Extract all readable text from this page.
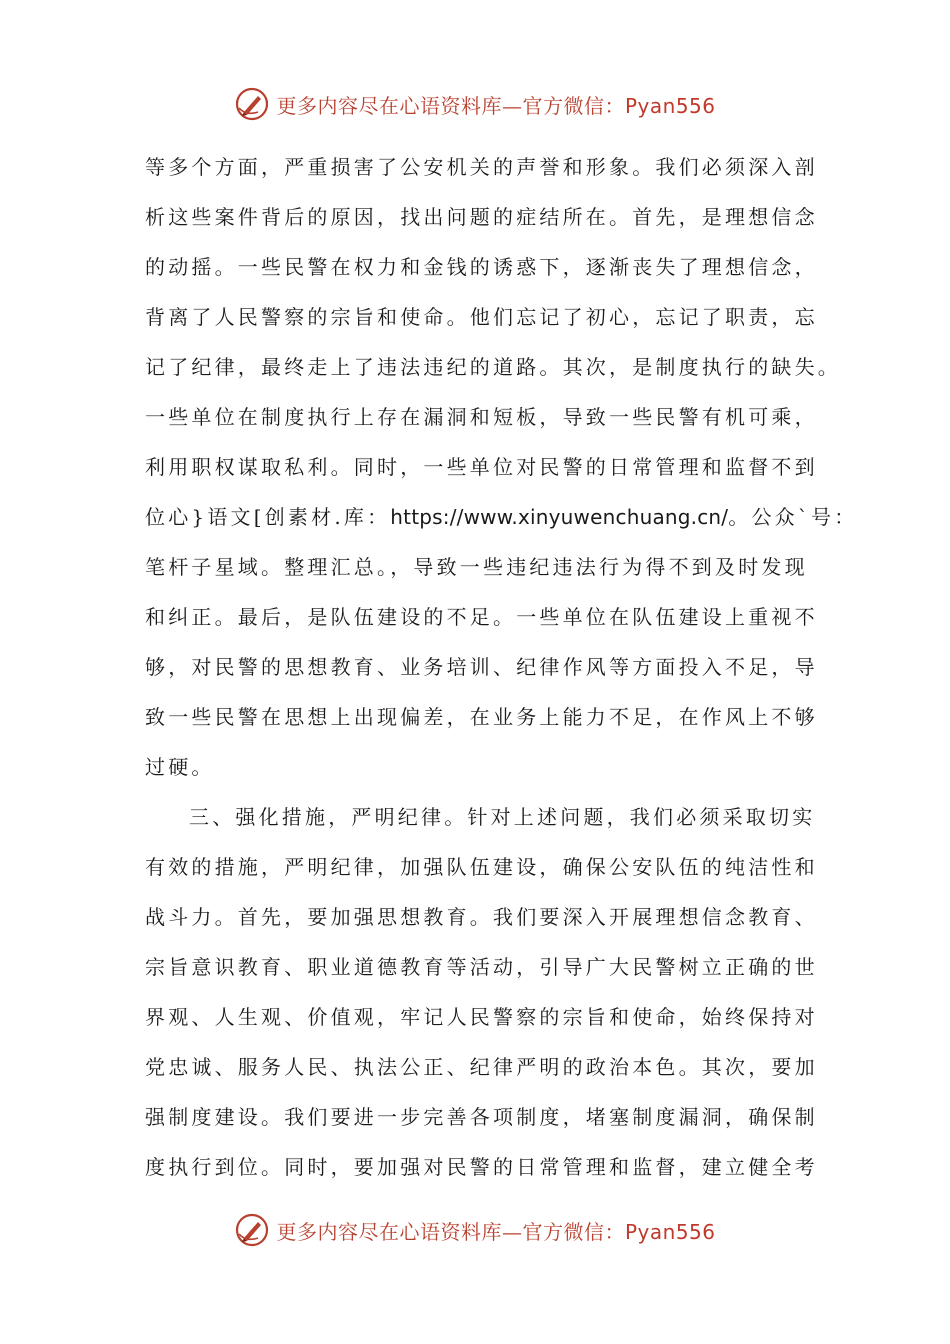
更多内容尽在心语资料库—官方微信：Pyan556
等多个方面，严重损害了公安机关的声誉和形象。我们必须深入剖
析这些案件背后的原因，找出问题的症结所在。首先，是理想信念
的动摇。一些民警在权力和金钱的诱惑下，逐渐丧失了理想信念，
背离了人民警察的宗旨和使命。他们忘记了初心，忘记了职责，忘
记了纪律，最终走上了违法违纪的道路。其次，是制度执行的缺失。
一些单位在制度执行上存在漏洞和短板，导致一些民警有机可乘，
利用职权谋取私利。同时，一些单位对民警的日常管理和监督不到
位心}语文[创素材.库：https://www.xinyuwenchuang.cn/。公众`号：
笔杆子星域。整理汇总。，导致一些违纪违法行为得不到及时发现
和纠正。最后，是队伍建设的不足。一些单位在队伍建设上重视不
够，对民警的思想教育、业务培训、纪律作风等方面投入不足，导
致一些民警在思想上出现偏差，在业务上能力不足，在作风上不够
过硬。
三、强化措施，严明纪律。针对上述问题，我们必须采取切实
有效的措施，严明纪律，加强队伍建设，确保公安队伍的纯洁性和
战斗力。首先，要加强思想教育。我们要深入开展理想信念教育、
宗旨意识教育、职业道德教育等活动，引导广大民警树立正确的世
界观、人生观、价值观，牢记人民警察的宗旨和使命，始终保持对
党忠诚、服务人民、执法公正、纪律严明的政治本色。其次，要加
强制度建设。我们要进一步完善各项制度，堵塞制度漏洞，确保制
度执行到位。同时，要加强对民警的日常管理和监督，建立健全考
更多内容尽在心语资料库—官方微信：Pyan556
